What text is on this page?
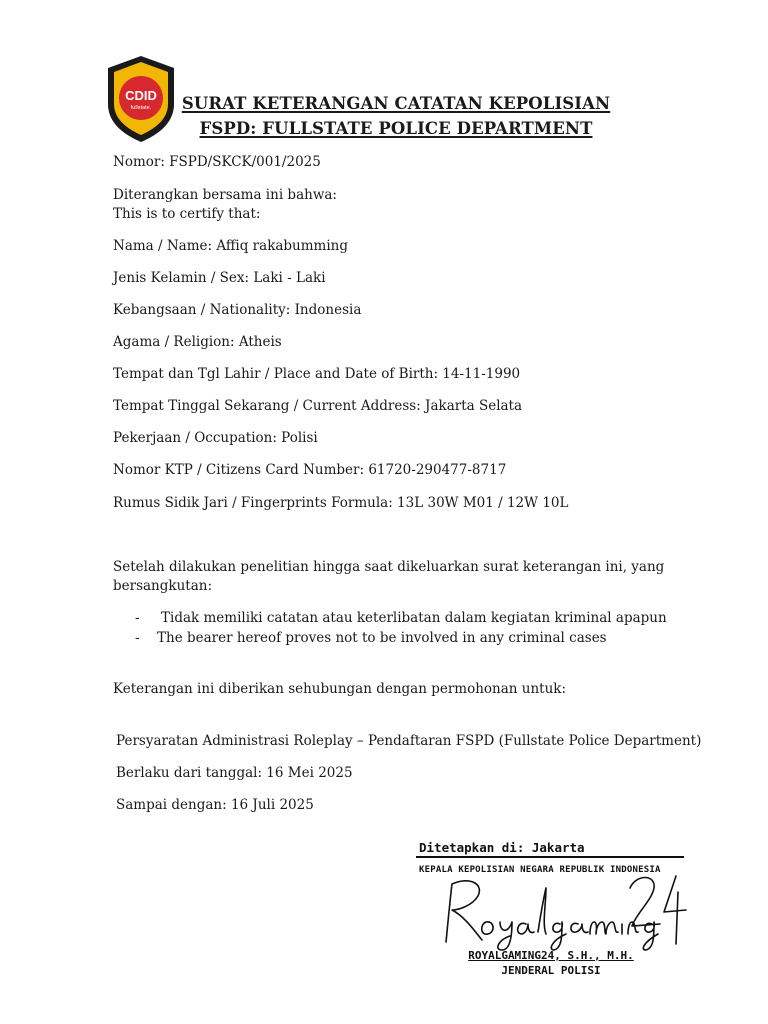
CDID
fullstate.	SURAT KETERANGAN CATATAN KEPOLISIAN
FSPD: FULLSTATE POLICE DEPARTMENT
Nomor: FSPD/SKCK/001/2025
Diterangkan bersama ini bahwa:
This is to certify that:
Nama / Name: Affiq rakabumming
Jenis Kelamin / Sex: Laki - Laki
Kebangsaan / Nationality: Indonesia
Agama / Religion: Atheis
Tempat dan Tgl Lahir / Place and Date of Birth: 14-11-1990
Tempat Tinggal Sekarang / Current Address: Jakarta Selata
Pekerjaan / Occupation: Polisi
Nomor KTP / Citizens Card Number: 61720-290477-8717
Rumus Sidik Jari / Fingerprints Formula: 13L 30W M01 / 12W 10L
Setelah dilakukan penelitian hingga saat dikeluarkan surat keterangan ini, yang
bersangkutan:
- Tidak memiliki catatan atau keterlibatan dalam kegiatan kriminal apapun
- The bearer hereof proves not to be involved in any criminal cases
Keterangan ini diberikan sehubungan dengan permohonan untuk:
Persyaratan Administrasi Roleplay – Pendaftaran FSPD (Fullstate Police Department)
Berlaku dari tanggal: 16 Mei 2025
Sampai dengan: 16 Juli 2025
Ditetapkan di: Jakarta
KEPALA KEPOLISIAN NEGARA REPUBLIK INDONESIA
ROYALGAMING24, S.H., M.H.
JENDERAL POLISI
